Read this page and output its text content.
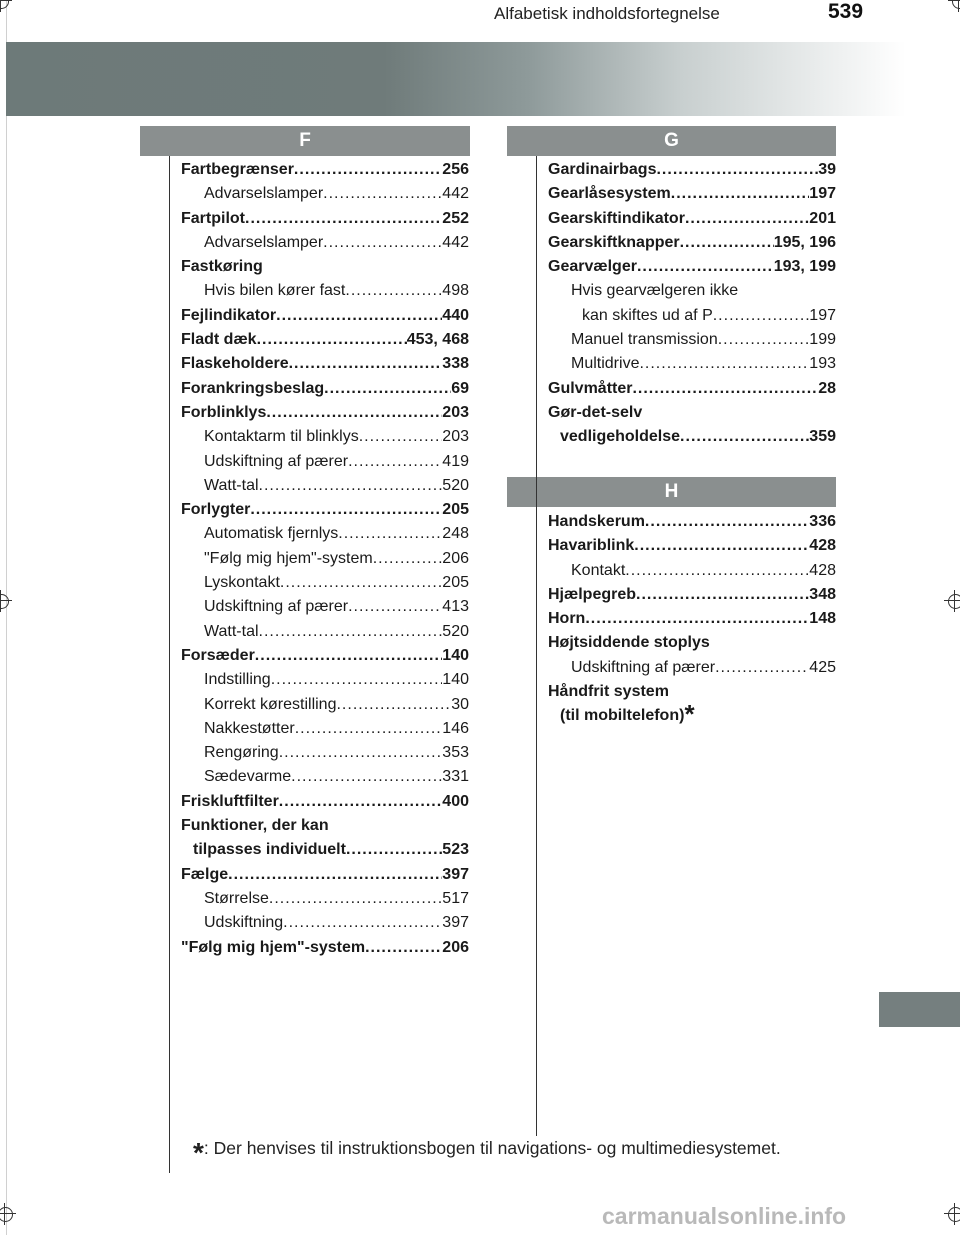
Alfabetisk indholdsfortegnelse	539
F	G
H
Fartbegrænser .....	256
Advarselslamper .....	442
Fartpilot .....	252
Advarselslamper .....	442
Fastkøring
Hvis bilen kører fast .....	498
Fejlindikator .....	440
Fladt dæk .....	453, 468
Flaskeholdere .....	338
Forankringsbeslag .....	69
Forblinklys .....	203
Kontaktarm til blinklys .....	203
Udskiftning af pærer .....	419
Watt-tal .....	520
Forlygter .....	205
Automatisk fjernlys .....	248
"Følg mig hjem"-system .....	206
Lyskontakt .....	205
Udskiftning af pærer .....	413
Watt-tal .....	520
Forsæder .....	140
Indstilling .....	140
Korrekt kørestilling .....	30
Nakkestøtter .....	146
Rengøring .....	353
Sædevarme .....	331
Friskluftfilter .....	400
Funktioner, der kan
tilpasses individuelt .....	523
Fælge .....	397
Størrelse .....	517
Udskiftning .....	397
"Følg mig hjem"-system .....	206
Gardinairbags .....	39
Gearlåsesystem .....	197
Gearskiftindikator .....	201
Gearskiftknapper .....	195, 196
Gearvælger .....	193, 199
Hvis gearvælgeren ikke
kan skiftes ud af P .....	197
Manuel transmission .....	199
Multidrive .....	193
Gulvmåtter .....	28
Gør-det-selv
vedligeholdelse .....	359
Handskerum .....	336
Havariblink .....	428
Kontakt .....	428
Hjælpegreb .....	348
Horn .....	148
Højtsiddende stoplys
Udskiftning af pærer .....	425
Håndfrit system
(til mobiltelefon) *
*: Der henvises til instruktionsbogen til navigations- og multimediesystemet.
carmanualsonline.info
